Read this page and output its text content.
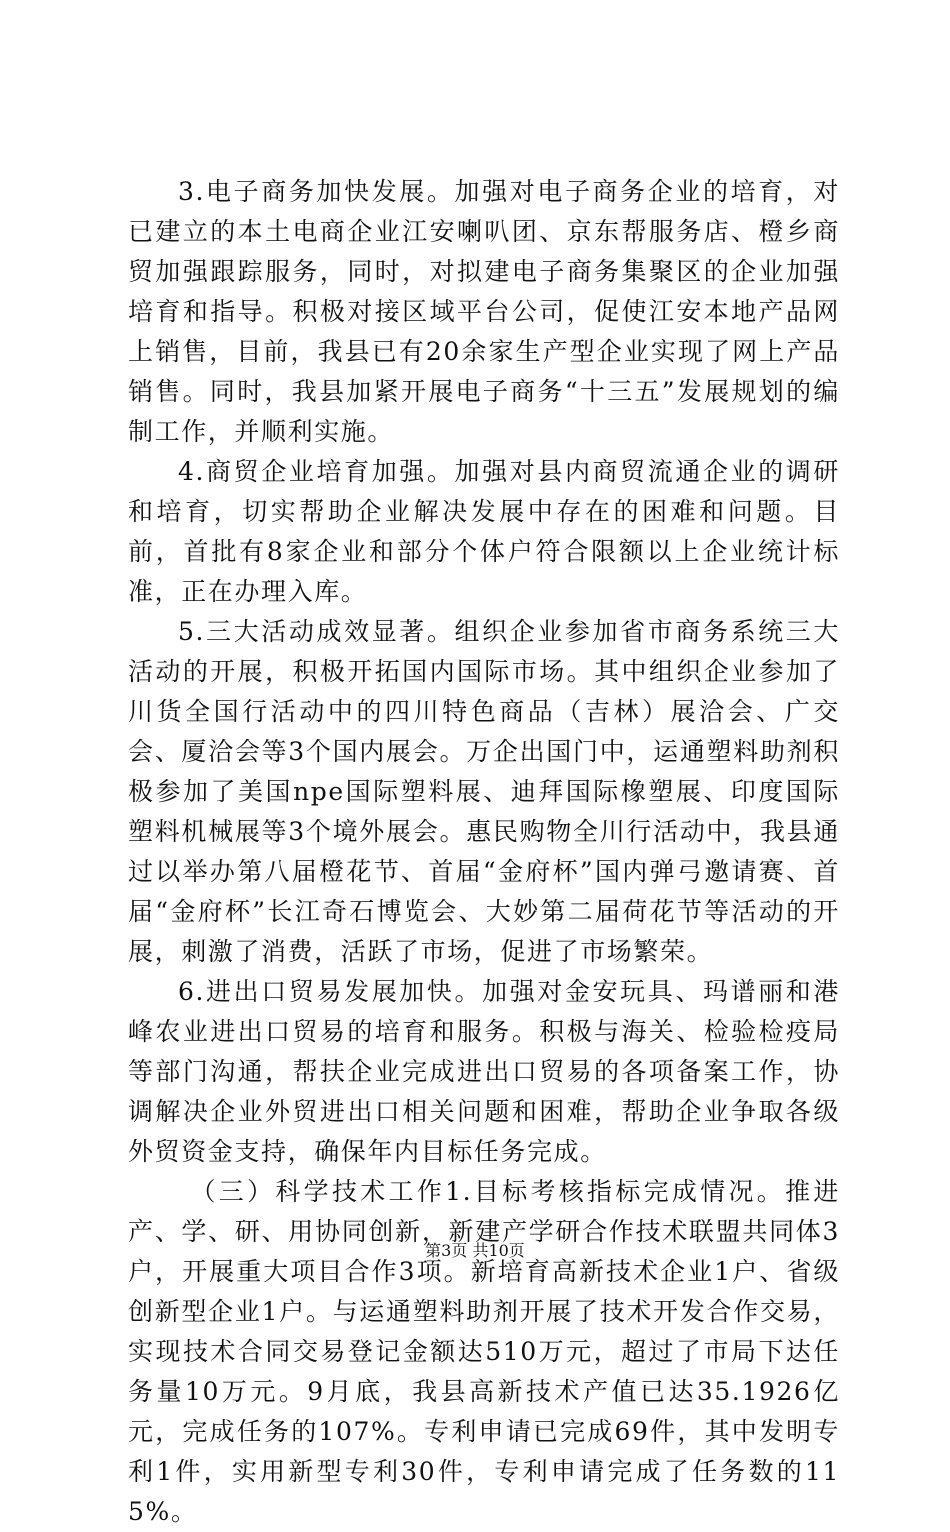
3.电子商务加快发展。加强对电子商务企业的培育，对已建立的本土电商企业江安喇叭团、京东帮服务店、橙乡商贸加强跟踪服务，同时，对拟建电子商务集聚区的企业加强培育和指导。积极对接区域平台公司，促使江安本地产品网上销售，目前，我县已有20余家生产型企业实现了网上产品销售。同时，我县加紧开展电子商务“十三五”发展规划的编制工作，并顺利实施。

4.商贸企业培育加强。加强对县内商贸流通企业的调研和培育，切实帮助企业解决发展中存在的困难和问题。目前，首批有8家企业和部分个体户符合限额以上企业统计标准，正在办理入库。

5.三大活动成效显著。组织企业参加省市商务系统三大活动的开展，积极开拓国内国际市场。其中组织企业参加了川货全国行活动中的四川特色商品（吉林）展洽会、广交会、厦洽会等3个国内展会。万企出国门中，运通塑料助剂积极参加了美国npe国际塑料展、迪拜国际橡塑展、印度国际塑料机械展等3个境外展会。惠民购物全川行活动中，我县通过以举办第八届橙花节、首届“金府杯”国内弹弓邀请赛、首届“金府杯”长江奇石博览会、大妙第二届荷花节等活动的开展，刺激了消费，活跃了市场，促进了市场繁荣。

6.进出口贸易发展加快。加强对金安玩具、玛谱丽和港峰农业进出口贸易的培育和服务。积极与海关、检验检疫局等部门沟通，帮扶企业完成进出口贸易的各项备案工作，协调解决企业外贸进出口相关问题和困难，帮助企业争取各级外贸资金支持，确保年内目标任务完成。

（三）科学技术工作1.目标考核指标完成情况。推进产、学、研、用协同创新，新建产学研合作技术联盟共同体3户，开展重大项目合作3项。新培育高新技术企业1户、省级创新型企业1户。与运通塑料助剂开展了技术开发合作交易，实现技术合同交易登记金额达510万元，超过了市局下达任务量10万元。9月底，我县高新技术产值已达35.1926亿元，完成任务的107%。专利申请已完成69件，其中发明专利1件，实用新型专利30件，专利申请完成了任务数的115%。

第3页 共10页
